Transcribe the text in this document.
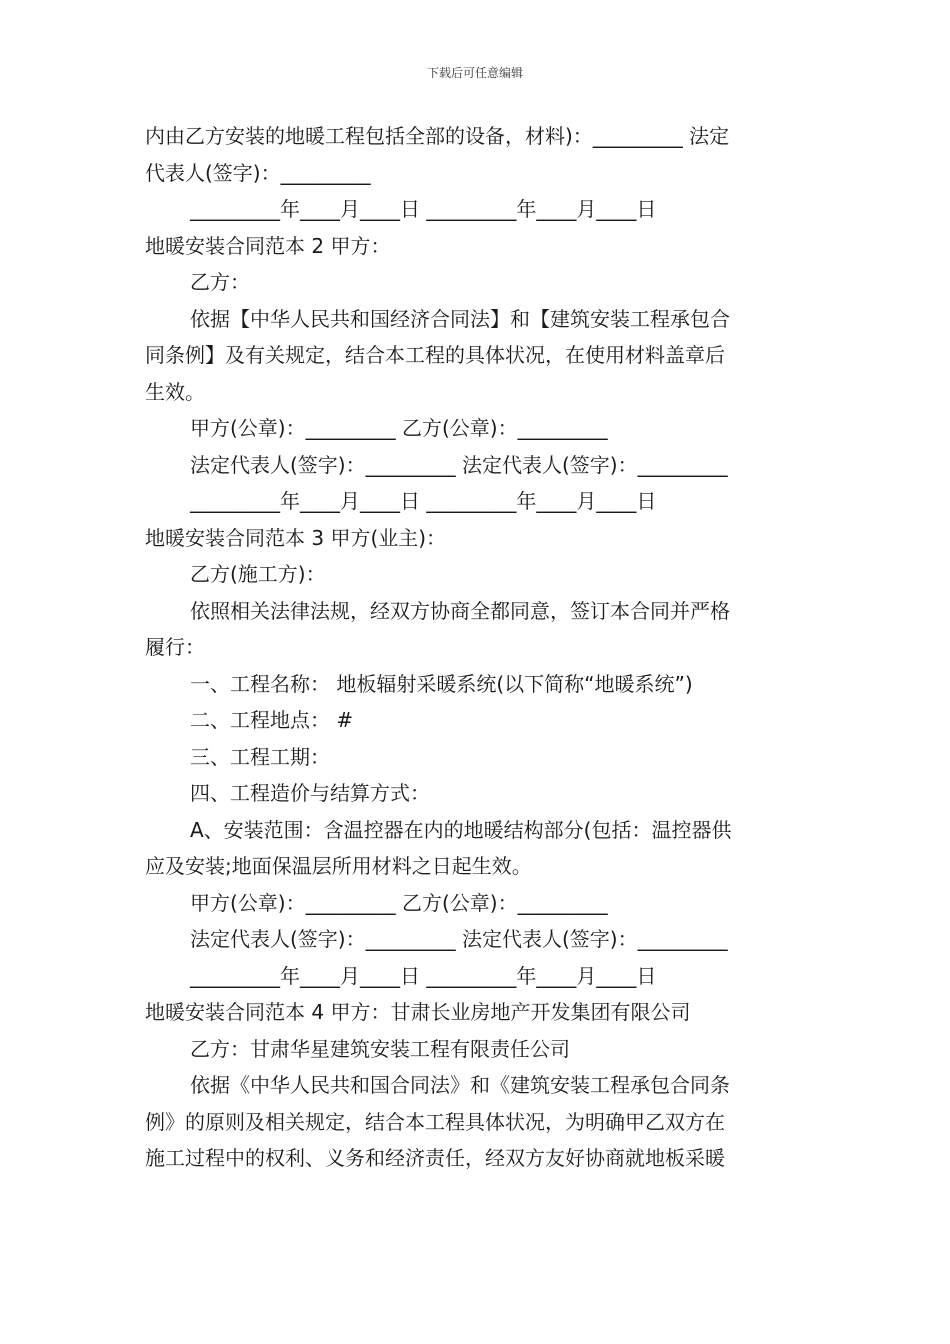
下载后可任意编辑
内由乙方安装的地暖工程包括全部的设备，材料)：_________ 法定
代表人(签字)：_________
_________年____月____日 _________年____月____日
地暖安装合同范本 2 甲方：
乙方：
依据【中华人民共和国经济合同法】和【建筑安装工程承包合
同条例】及有关规定，结合本工程的具体状况，在使用材料盖章后
生效。
甲方(公章)：_________ 乙方(公章)：_________
法定代表人(签字)：_________ 法定代表人(签字)：_________
_________年____月____日 _________年____月____日
地暖安装合同范本 3 甲方(业主)：
乙方(施工方)：
依照相关法律法规，经双方协商全都同意，签订本合同并严格
履行：
一、工程名称： 地板辐射采暖系统(以下简称“地暖系统”)
二、工程地点： #
三、工程工期：
四、工程造价与结算方式：
A、安装范围：含温控器在内的地暖结构部分(包括：温控器供
应及安装;地面保温层所用材料之日起生效。
甲方(公章)：_________ 乙方(公章)：_________
法定代表人(签字)：_________ 法定代表人(签字)：_________
_________年____月____日 _________年____月____日
地暖安装合同范本 4 甲方：甘肃长业房地产开发集团有限公司
乙方：甘肃华星建筑安装工程有限责任公司
依据《中华人民共和国合同法》和《建筑安装工程承包合同条
例》的原则及相关规定，结合本工程具体状况，为明确甲乙双方在
施工过程中的权利、义务和经济责任，经双方友好协商就地板采暖
